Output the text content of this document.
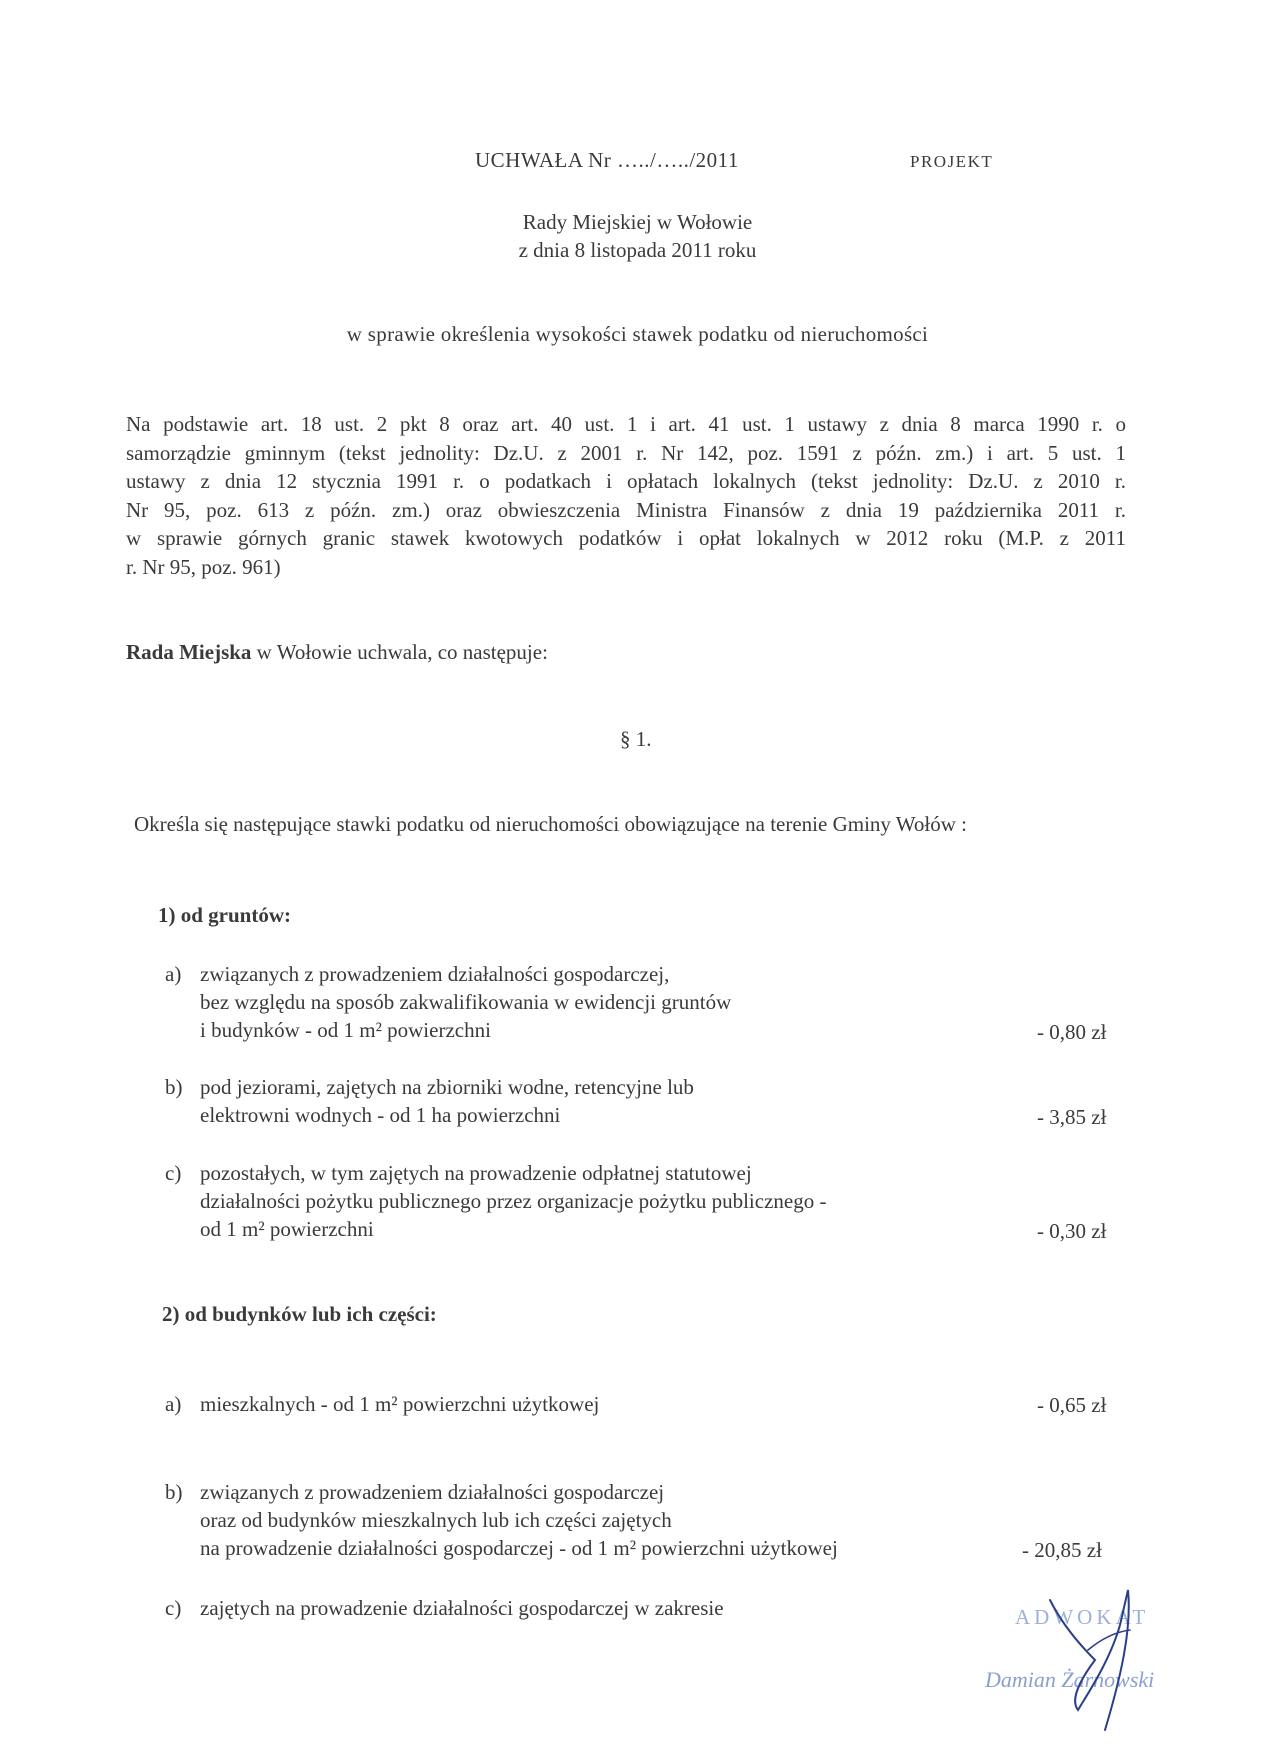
UCHWAŁA Nr …../…../2011	PROJEKT
Rady Miejskiej w Wołowie
z dnia 8 listopada 2011 roku
w sprawie określenia wysokości stawek podatku od nieruchomości
Na podstawie art. 18 ust. 2 pkt 8 oraz art. 40 ust. 1 i art. 41 ust. 1 ustawy z dnia 8 marca 1990 r. o
samorządzie gminnym (tekst jednolity: Dz.U. z 2001 r. Nr 142, poz. 1591 z późn. zm.) i art. 5 ust. 1
ustawy z dnia 12 stycznia 1991 r. o podatkach i opłatach lokalnych (tekst jednolity: Dz.U. z 2010 r.
Nr 95, poz. 613 z późn. zm.) oraz obwieszczenia Ministra Finansów z dnia 19 października 2011 r.
w sprawie górnych granic stawek kwotowych podatków i opłat lokalnych w 2012 roku (M.P. z 2011
r. Nr 95, poz. 961)
Rada Miejska w Wołowie uchwala, co następuje:
§ 1.
Określa się następujące stawki podatku od nieruchomości obowiązujące na terenie Gminy Wołów :
1) od gruntów:
a) związanych z prowadzeniem działalności gospodarczej,
bez względu na sposób zakwalifikowania w ewidencji gruntów
i budynków - od 1 m² powierzchni	- 0,80 zł
b) pod jeziorami, zajętych na zbiorniki wodne, retencyjne lub
elektrowni wodnych - od 1 ha powierzchni	- 3,85 zł
c) pozostałych, w tym zajętych na prowadzenie odpłatnej statutowej
działalności pożytku publicznego przez organizacje pożytku publicznego -
od 1 m² powierzchni	- 0,30 zł
2) od budynków lub ich części:
a) mieszkalnych - od 1 m² powierzchni użytkowej	- 0,65 zł
b) związanych z prowadzeniem działalności gospodarczej
oraz od budynków mieszkalnych lub ich części zajętych
na prowadzenie działalności gospodarczej - od 1 m² powierzchni użytkowej	- 20,85 zł
c) zajętych na prowadzenie działalności gospodarczej w zakresie	ADWOKAT
Damian Żarnowski
